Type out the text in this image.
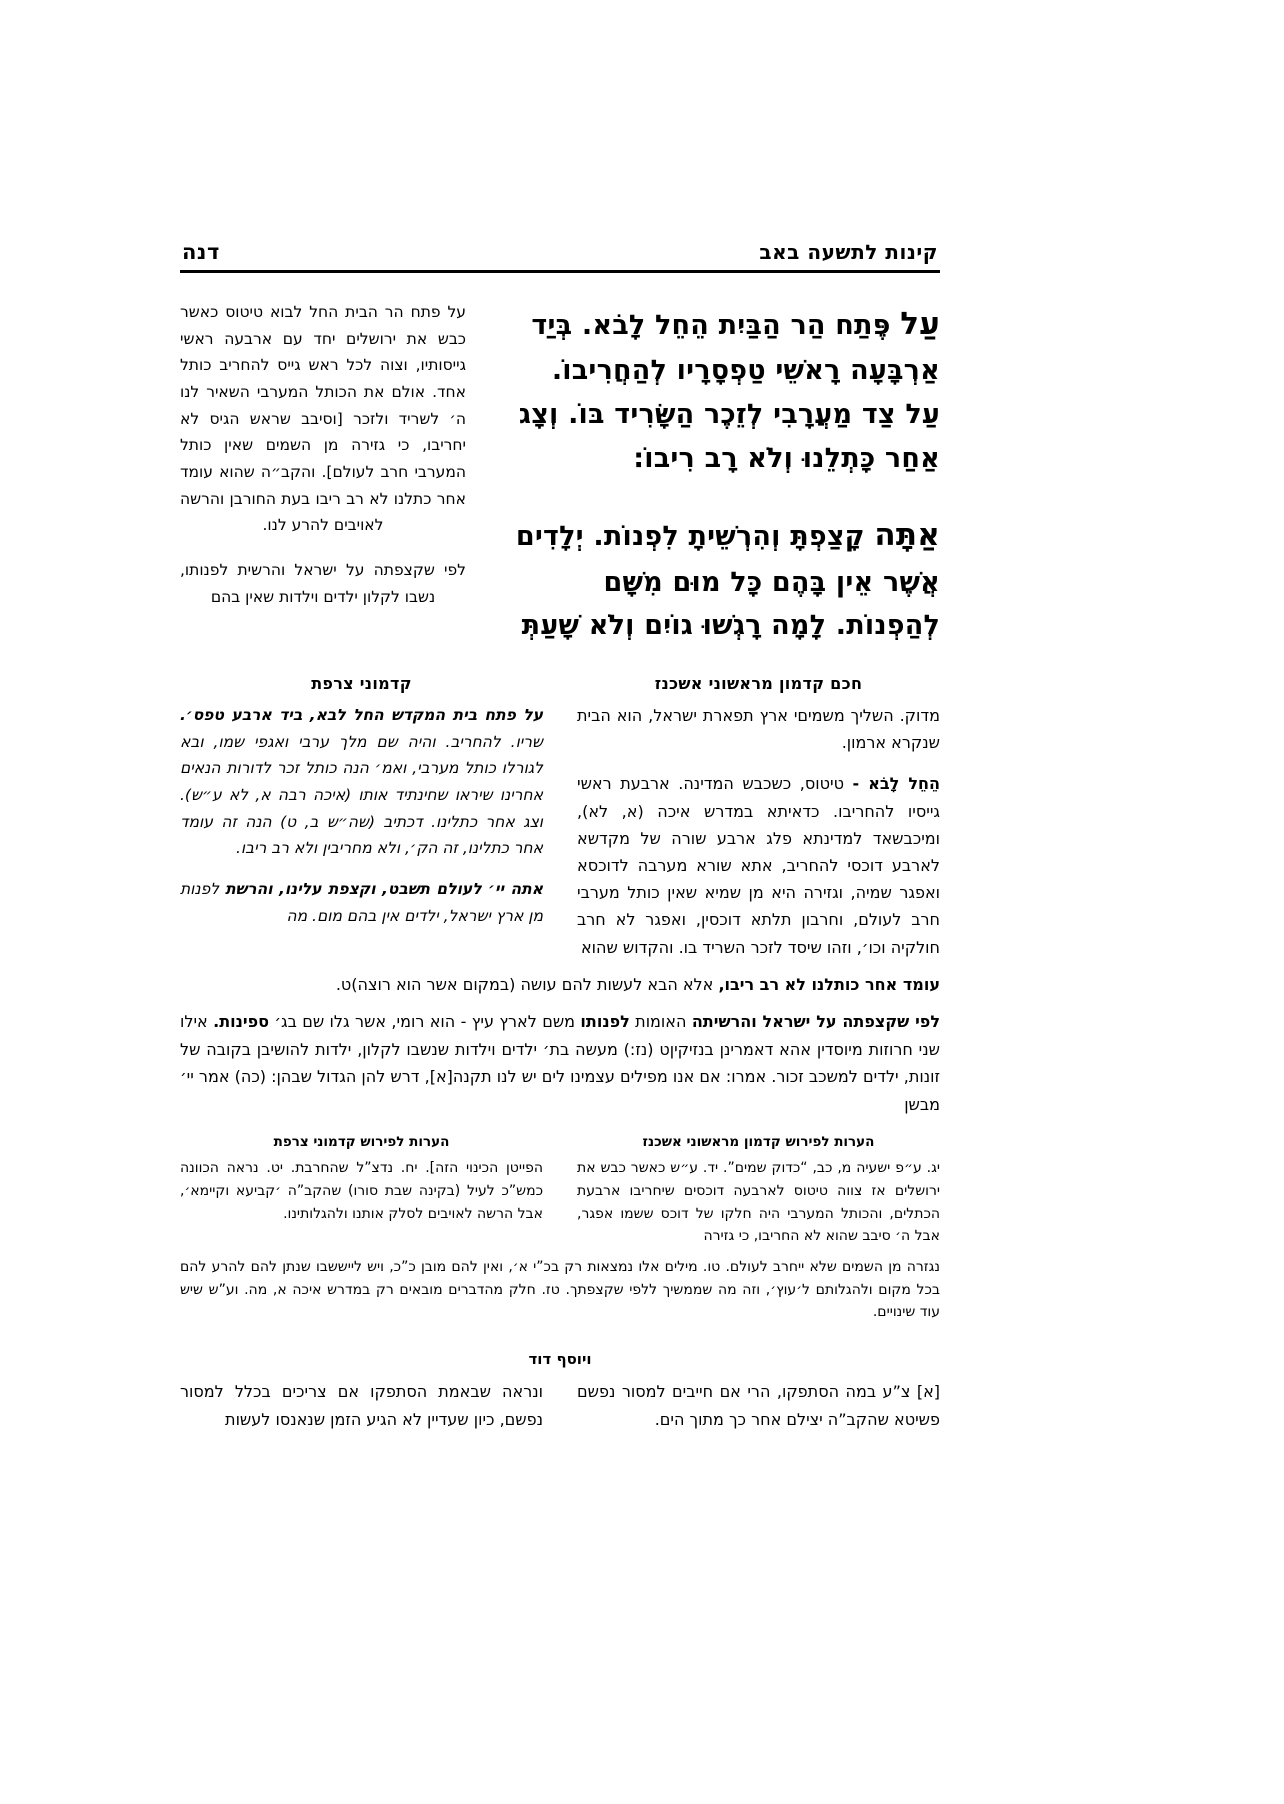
קינות לתשעה באב
דנה
עַל פֶּתַח הַר הַבַּיִת הֵחֵל לָבֹא. בְּיַד
אַרְבָּעָה רָאשֵׁי טַפְסָרָיו לְהַחֲרִיבוֹ.
עַל צַד מַעֲרָבִי לְזֵכֶר הַשָּׂרִיד בּוֹ. וְצָג
אַחַר כָּתְלֵנוּ וְלֹא רָב רִיבוֹ:
אַתָּה קָצַפְתָּ וְהִרְשֵׁיתָ לִפְנוֹת. יְלָדִים
אֲשֶׁר אֵין בָּהֶם כָּל מוּם מִשָּׁם
לְהַפְנוֹת. לָמָה רָגְשׁוּ גוֹיִם וְלֹא שָׁעַתְּ

על פתח הר הבית החל לבוא טיטוס כאשר כבש את ירושלים יחד עם ארבעה ראשי גייסותיו, וצוה לכל ראש גייס להחריב כותל אחד. אולם את הכותל המערבי השאיר לנו ה׳ לשריד ולזכר [וסיבב שראש הגיס לא יחריבו, כי גזירה מן השמים שאין כותל המערבי חרב לעולם]. והקב״ה שהוא עומד אחר כתלנו לא רב ריבו בעת החורבן והרשה לאויבים להרע לנו.

לפי שקצפתה על ישראל והרשית לפנותו, נשבו לקלון ילדים וילדות שאין בהם

חכם קדמון מראשוני אשכנז

מדוק. השליך משמיםי ארץ תפארת ישראל, הוא הבית שנקרא ארמון.

הֵחֵל לָבֹא - טיטוס, כשכבש המדינה. ארבעת ראשי גייסיו להחריבו. כדאיתא במדרש איכה (א, לא), ומיכבשאד למדינתא פלג ארבע שורה של מקדשא לארבע דוכסי להחריב, אתא שורא מערבה לדוכסא ואפגר שמיה, וגזירה היא מן שמיא שאין כותל מערבי חרב לעולם, וחרבון תלתא דוכסין, ואפגר לא חרב חולקיה וכו׳, וזהו שיסד לזכר השריד בו. והקדוש שהוא

קדמוני צרפת

על פתח בית המקדש החל לבא, ביד ארבע טפס׳. שריו. להחריב. והיה שם מלך ערבי ואגפי שמו, ובא לגורלו כותל מערבי, ואמ׳ הנה כותל זכר לדורות הנאים אחרינו שיראו שחינתיד אותו (איכה רבה א, לא ע״ש). וצג אחר כתלינו. דכתיב (שה״ש ב, ט) הנה זה עומד אחר כתלינו, זה הק׳, ולא מחריבין ולא רב ריבו.

אתה יי׳ לעולם תשבט, וקצפת עלינו, והרשת לפנות מן ארץ ישראל, ילדים אין בהם מום. מה

עומד אחר כותלנו לא רב ריבו, אלא הבא לעשות להם עושה (במקום אשר הוא רוצה)ט.

לפי שקצפתה על ישראל והרשיתה האומות לפנותו משם לארץ עיץ - הוא רומי, אשר גלו שם בג׳ ספינות. אילו שני חרוזות מיוסדין אהא דאמרינן בנזיקיןט (נז:) מעשה בת׳ ילדים וילדות שנשבו לקלון, ילדות להושיבן בקובה של זונות, ילדים למשכב זכור. אמרו: אם אנו מפילים עצמינו לים יש לנו תקנה[א], דרש להן הגדול שבהן: (כה) אמר יי׳ מבשן

הערות לפירוש קדמון מראשוני אשכנז
יג. ע״פ ישעיה מ, כב, “כדוק שמים”. יד. ע״ש כאשר כבש את ירושלים אז צווה טיטוס לארבעה דוכסים שיחריבו ארבעת הכתלים, והכותל המערבי היה חלקו של דוכס ששמו אפגר, אבל ה׳ סיבב שהוא לא החריבו, כי גזירה
הערות לפירוש קדמוני צרפת
הפייטן הכינוי הזה]. יח. נדצ”ל שהחרבת. יט. נראה הכוונה כמש”כ לעיל (בקינה שבת סורו) שהקב”ה ׳קביעא וקיימא׳, אבל הרשה לאויבים לסלק אותנו ולהגלותינו.
נגזרה מן השמים שלא ייחרב לעולם. טו. מילים אלו נמצאות רק בכ”י א׳, ואין להם מובן כ”כ, ויש לייששבו שנתן להם להרע להם בכל מקום ולהגלותם ל׳עוץ׳, וזה מה שממשיך ללפי שקצפתך. טז. חלק מהדברים מובאים רק במדרש איכה א, מה. וע”ש שיש עוד שינויים.
ויוסף דוד
[א] צ”ע במה הסתפקו, הרי אם חייבים למסור נפשם פשיטא שהקב”ה יצילם אחר כך מתוך הים.
ונראה שבאמת הסתפקו אם צריכים בכלל למסור נפשם, כיון שעדיין לא הגיע הזמן שנאנסו לעשות
